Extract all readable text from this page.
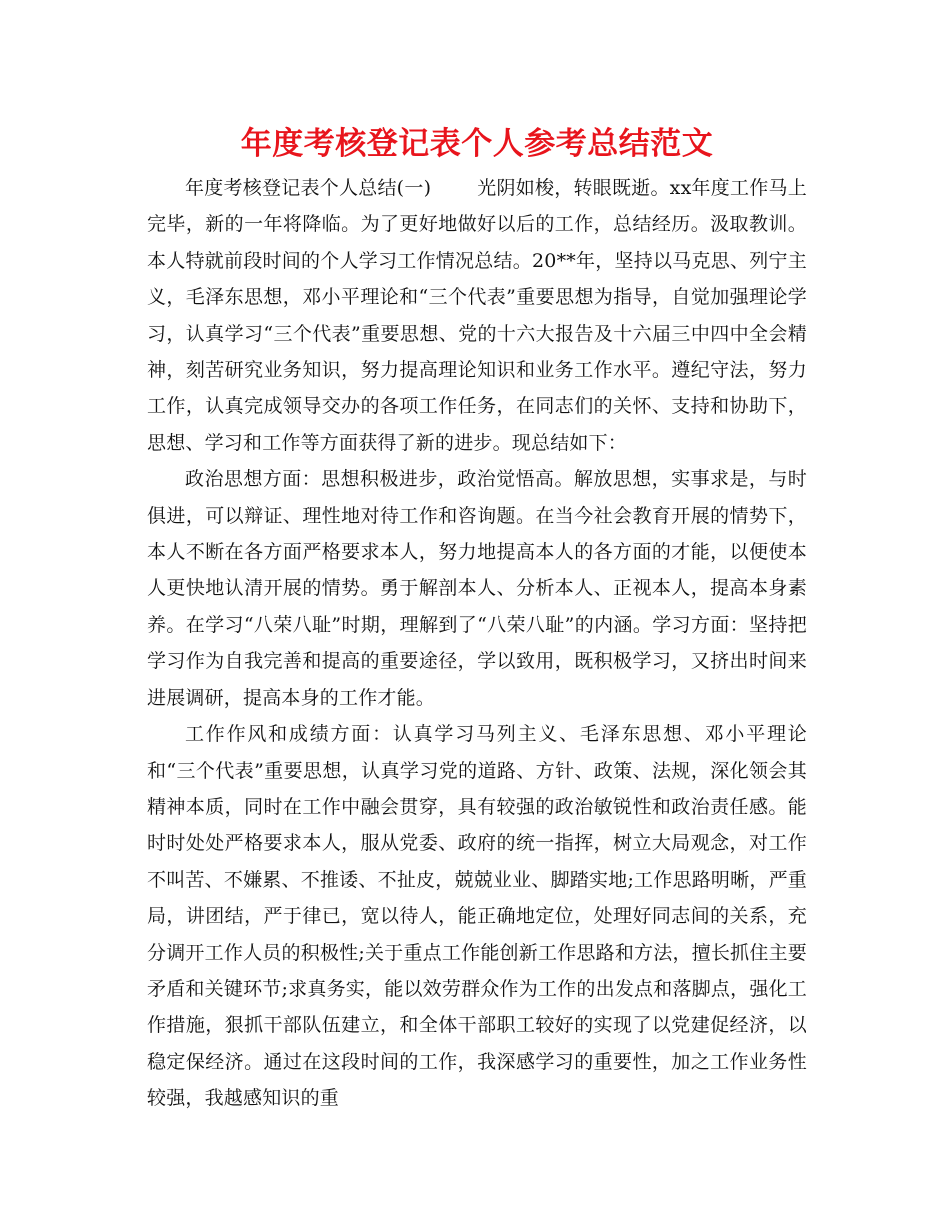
年度考核登记表个人参考总结范文

年度考核登记表个人总结(一) 光阴如梭，转眼既逝。xx年度工作马上完毕，新的一年将降临。为了更好地做好以后的工作，总结经历。汲取教训。本人特就前段时间的个人学习工作情况总结。20**年，坚持以马克思、列宁主义，毛泽东思想，邓小平理论和“三个代表”重要思想为指导，自觉加强理论学习，认真学习“三个代表”重要思想、党的十六大报告及十六届三中四中全会精神，刻苦研究业务知识，努力提高理论知识和业务工作水平。遵纪守法，努力工作，认真完成领导交办的各项工作任务，在同志们的关怀、支持和协助下，思想、学习和工作等方面获得了新的进步。现总结如下：

政治思想方面：思想积极进步，政治觉悟高。解放思想，实事求是，与时俱进，可以辩证、理性地对待工作和咨询题。在当今社会教育开展的情势下，本人不断在各方面严格要求本人，努力地提高本人的各方面的才能，以便使本人更快地认清开展的情势。勇于解剖本人、分析本人、正视本人，提高本身素养。在学习“八荣八耻”时期，理解到了“八荣八耻”的内涵。学习方面：坚持把学习作为自我完善和提高的重要途径，学以致用，既积极学习，又挤出时间来进展调研，提高本身的工作才能。

工作作风和成绩方面：认真学习马列主义、毛泽东思想、邓小平理论和“三个代表”重要思想，认真学习党的道路、方针、政策、法规，深化领会其精神本质，同时在工作中融会贯穿，具有较强的政治敏锐性和政治责任感。能时时处处严格要求本人，服从党委、政府的统一指挥，树立大局观念，对工作不叫苦、不嫌累、不推诿、不扯皮，兢兢业业、脚踏实地;工作思路明晰，严重局，讲团结，严于律已，宽以待人，能正确地定位，处理好同志间的关系，充分调开工作人员的积极性;关于重点工作能创新工作思路和方法，擅长抓住主要矛盾和关键环节;求真务实，能以效劳群众作为工作的出发点和落脚点，强化工作措施，狠抓干部队伍建立，和全体干部职工较好的实现了以党建促经济，以稳定保经济。通过在这段时间的工作，我深感学习的重要性，加之工作业务性较强，我越感知识的重
